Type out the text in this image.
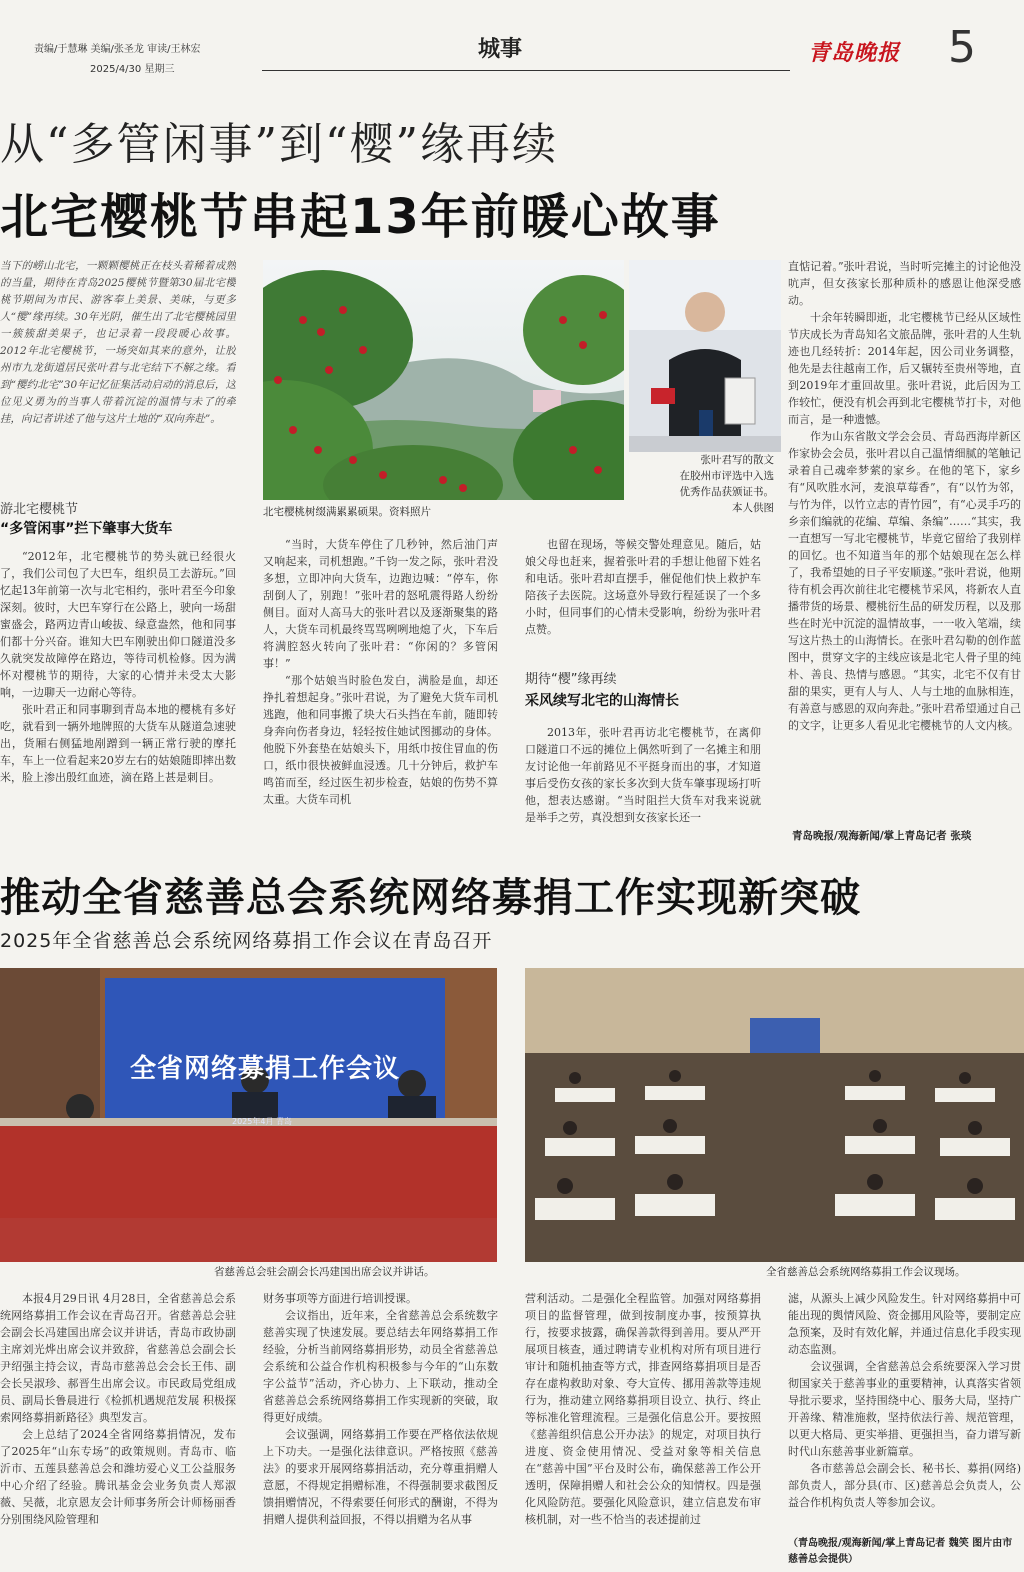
责编/于慧琳 美编/张圣龙 审读/王林宏
2025/4/30 星期三
城事	青岛晚报 5
从“多管闲事”到“樱”缘再续
北宅樱桃节串起13年前暖心故事
当下的崂山北宅，一颗颗樱桃正在枝头着稀着成熟的当量，期待在青岛2025樱桃节暨第30届北宅樱桃节期间为市民、游客奉上美景、美味，与更多人“樱”缘再续。30年光阴，催生出了北宅樱桃园里一簇簇甜美果子，也记录着一段段暖心故事。2012年北宅樱桃节，一场突如其来的意外，让胶州市九龙街道居民张叶君与北宅结下不解之缘。看到“樱约北宅”30年记忆征集活动启动的消息后，这位见义勇为的当事人带着沉淀的温情与未了的牵挂，向记者讲述了他与这片土地的“双向奔赴”。
游北宅樱桃节
“多管闲事”拦下肇事大货车

“2012年，北宅樱桃节的势头就已经很火了，我们公司包了大巴车，组织员工去游玩。”回忆起13年前第一次与北宅相约，张叶君至今印象深刻。彼时，大巴车穿行在公路上，驶向一场甜蜜盛会，路两边青山峻拔、绿意盎然，他和同事们都十分兴奋。谁知大巴车刚驶出仰口隧道没多久就突发故障停在路边，等待司机检修。因为满怀对樱桃节的期待，大家的心情并未受太大影响，一边聊天一边耐心等待。

张叶君正和同事聊到青岛本地的樱桃有多好吃，就看到一辆外地牌照的大货车从隧道急速驶出，货厢右侧猛地剐蹭到一辆正常行驶的摩托车，车上一位看起来20岁左右的姑娘随即摔出数米，脸上渗出殷红血迹，滴在路上甚是刺目。

北宅樱桃树缀满累累硕果。资料照片
张叶君写的散文
在胶州市评选中入选
优秀作品获颁证书。
本人供图

“当时，大货车停住了几秒钟，然后油门声又响起来，司机想跑。”千钧一发之际，张叶君没多想，立即冲向大货车，边跑边喊：“停车，你刮倒人了，别跑！”张叶君的怒吼震得路人纷纷侧目。面对人高马大的张叶君以及逐渐聚集的路人，大货车司机最终骂骂咧咧地熄了火，下车后将满腔怒火转向了张叶君：“你闲的？多管闲事！”

“那个姑娘当时脸色发白，满脸是血，却还挣扎着想起身。”张叶君说，为了避免大货车司机逃跑，他和同事搬了块大石头挡在车前，随即转身奔向伤者身边，轻轻按住她试图挪动的身体。他脱下外套垫在姑娘头下，用纸巾按住冒血的伤口，纸巾很快被鲜血浸透。几十分钟后，救护车鸣笛而至，经过医生初步检查，姑娘的伤势不算太重。大货车司机

也留在现场，等候交警处理意见。随后，姑娘父母也赶来，握着张叶君的手想让他留下姓名和电话。张叶君却直摆手，催促他们快上救护车陪孩子去医院。这场意外导致行程延误了一个多小时，但同事们的心情未受影响，纷纷为张叶君点赞。

期待“樱”缘再续
采风续写北宅的山海情长

2013年，张叶君再访北宅樱桃节，在离仰口隧道口不远的摊位上偶然听到了一名摊主和朋友讨论他一年前路见不平挺身而出的事，才知道事后受伤女孩的家长多次到大货车肇事现场打听他，想表达感谢。“当时阻拦大货车对我来说就是举手之劳，真没想到女孩家长还一

直惦记着。”张叶君说，当时听完摊主的讨论他没吭声，但女孩家长那种质朴的感恩让他深受感动。

十余年转瞬即逝，北宅樱桃节已经从区域性节庆成长为青岛知名文旅品牌，张叶君的人生轨迹也几经转折：2014年起，因公司业务调整，他先是去往越南工作，后又辗转至贵州等地，直到2019年才重回故里。张叶君说，此后因为工作较忙，便没有机会再到北宅樱桃节打卡，对他而言，是一种遗憾。

作为山东省散文学会会员、青岛西海岸新区作家协会会员，张叶君以自己温情细腻的笔触记录着自己魂牵梦萦的家乡。在他的笔下，家乡有“风吹胜水河，麦浪草莓香”，有“以竹为邻，与竹为伴，以竹立志的青竹园”，有“心灵手巧的乡亲们编就的花编、草编、条编”……“其实，我一直想写一写北宅樱桃节，毕竟它留给了我别样的回忆。也不知道当年的那个姑娘现在怎么样了，我希望她的日子平安顺遂。”张叶君说，他期待有机会再次前往北宅樱桃节采风，将新农人直播带货的场景、樱桃衍生品的研发历程，以及那些在时光中沉淀的温情故事，一一收入笔端，续写这片热土的山海情长。在张叶君勾勒的创作蓝图中，贯穿文字的主线应该是北宅人骨子里的纯朴、善良、热情与感恩。“其实，北宅不仅有甘甜的果实，更有人与人、人与土地的血脉相连，有善意与感恩的双向奔赴。”张叶君希望通过自己的文字，让更多人看见北宅樱桃节的人文内核。

青岛晚报/观海新闻/掌上青岛记者 张琰
推动全省慈善总会系统网络募捐工作实现新突破
2025年全省慈善总会系统网络募捐工作会议在青岛召开
全省网络募捐工作会议
2025年4月 青岛
省慈善总会驻会副会长冯建国出席会议并讲话。	全省慈善总会系统网络募捐工作会议现场。

本报4月29日讯 4月28日，全省慈善总会系统网络募捐工作会议在青岛召开。省慈善总会驻会副会长冯建国出席会议并讲话，青岛市政协副主席刘光烨出席会议并致辞，省慈善总会副会长尹绍强主持会议，青岛市慈善总会会长王伟、副会长吴淑珍、郝晋生出席会议。市民政局党组成员、副局长鲁晨进行《检抓机遇规范发展 积极探索网络募捐新路径》典型发言。

会上总结了2024全省网络募捐情况，发布了2025年“山东专场”的政策规则。青岛市、临沂市、五莲县慈善总会和潍坊爱心义工公益服务中心介绍了经验。腾讯基金会业务负责人郑淑薇、吴薇，北京恩友会计师事务所会计师杨丽香分别围绕风险管理和

财务事项等方面进行培训授课。

会议指出，近年来，全省慈善总会系统数字慈善实现了快速发展。要总结去年网络募捐工作经验，分析当前网络募捐形势，动员全省慈善总会系统和公益合作机构积极参与今年的“山东数字公益节”活动，齐心协力、上下联动，推动全省慈善总会系统网络募捐工作实现新的突破，取得更好成绩。

会议强调，网络募捐工作要在严格依法依规上下功夫。一是强化法律意识。严格按照《慈善法》的要求开展网络募捐活动，充分尊重捐赠人意愿，不得规定捐赠标准，不得强制要求截图反馈捐赠情况，不得索要任何形式的酬谢，不得为捐赠人提供利益回报，不得以捐赠为名从事

营利活动。二是强化全程监管。加强对网络募捐项目的监督管理，做到按制度办事，按预算执行，按要求披露，确保善款得到善用。要从严开展项目核查，通过聘请专业机构对所有项目进行审计和随机抽查等方式，排查网络募捐项目是否存在虚构救助对象、夸大宣传、挪用善款等违规行为，推动建立网络募捐项目设立、执行、终止等标准化管理流程。三是强化信息公开。要按照《慈善组织信息公开办法》的规定，对项目执行进度、资金使用情况、受益对象等相关信息在“慈善中国”平台及时公布，确保慈善工作公开透明，保障捐赠人和社会公众的知情权。四是强化风险防范。要强化风险意识，建立信息发布审核机制，对一些不恰当的表述提前过

滤，从源头上减少风险发生。针对网络募捐中可能出现的舆情风险、资金挪用风险等，要制定应急预案，及时有效化解，并通过信息化手段实现动态监测。

会议强调，全省慈善总会系统要深入学习贯彻国家关于慈善事业的重要精神，认真落实省领导批示要求，坚持围绕中心、服务大局，坚持广开善缘、精准施救，坚持依法行善、规范管理，以更大格局、更实举措、更强担当，奋力谱写新时代山东慈善事业新篇章。

各市慈善总会副会长、秘书长、募捐(网络)部负责人，部分县(市、区)慈善总会负责人，公益合作机构负责人等参加会议。

（青岛晚报/观海新闻/掌上青岛记者 魏笑 图片由市慈善总会提供）
